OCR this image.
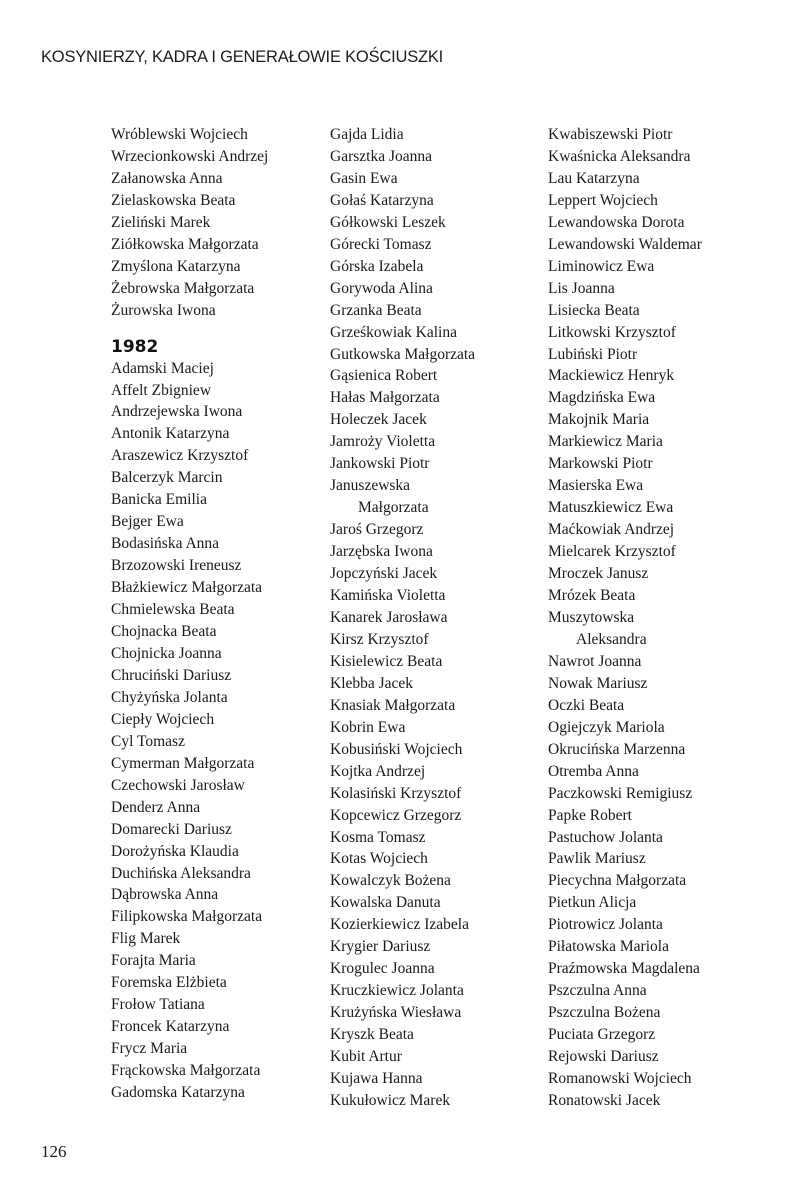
KOSYNIERZY, KADRA I GENERAŁOWIE KOŚCIUSZKI
Wróblewski Wojciech
Wrzecionkowski Andrzej
Załanowska Anna
Zielaskowska Beata
Zieliński Marek
Ziółkowska Małgorzata
Zmyślona Katarzyna
Żebrowska Małgorzata
Żurowska Iwona
1982
Adamski Maciej
Affelt Zbigniew
Andrzejewska Iwona
Antonik Katarzyna
Araszewicz Krzysztof
Balcerzyk Marcin
Banicka Emilia
Bejger Ewa
Bodasińska Anna
Brzozowski Ireneusz
Błażkiewicz Małgorzata
Chmielewska Beata
Chojnacka Beata
Chojnicka Joanna
Chruciński Dariusz
Chyżyńska Jolanta
Ciepły Wojciech
Cyl Tomasz
Cymerman Małgorzata
Czechowski Jarosław
Denderz Anna
Domarecki Dariusz
Dorożyńska Klaudia
Duchińska Aleksandra
Dąbrowska Anna
Filipkowska Małgorzata
Flig Marek
Forajta Maria
Foremska Elżbieta
Frołow Tatiana
Froncek Katarzyna
Frycz Maria
Frąckowska Małgorzata
Gadomska Katarzyna
Gajda Lidia
Garsztka Joanna
Gasin Ewa
Gołaś Katarzyna
Gółkowski Leszek
Górecki Tomasz
Górska Izabela
Gorywoda Alina
Grzanka Beata
Grześkowiak Kalina
Gutkowska Małgorzata
Gąsienica Robert
Hałas Małgorzata
Holeczek Jacek
Jamroży Violetta
Jankowski Piotr
Januszewska
Małgorzata
Jaroś Grzegorz
Jarzębska Iwona
Jopczyński Jacek
Kamińska Violetta
Kanarek Jarosława
Kirsz Krzysztof
Kisielewicz Beata
Klebba Jacek
Knasiak Małgorzata
Kobrin Ewa
Kobusiński Wojciech
Kojtka Andrzej
Kolasiński Krzysztof
Kopcewicz Grzegorz
Kosma Tomasz
Kotas Wojciech
Kowalczyk Bożena
Kowalska Danuta
Kozierkiewicz Izabela
Krygier Dariusz
Krogulec Joanna
Kruczkiewicz Jolanta
Krużyńska Wiesława
Kryszk Beata
Kubit Artur
Kujawa Hanna
Kukułowicz Marek
Kwabiszewski Piotr
Kwaśnicka Aleksandra
Lau Katarzyna
Leppert Wojciech
Lewandowska Dorota
Lewandowski Waldemar
Liminowicz Ewa
Lis Joanna
Lisiecka Beata
Litkowski Krzysztof
Lubiński Piotr
Mackiewicz Henryk
Magdzińska Ewa
Makojnik Maria
Markiewicz Maria
Markowski Piotr
Masierska Ewa
Matuszkiewicz Ewa
Maćkowiak Andrzej
Mielcarek Krzysztof
Mroczek Janusz
Mrózek Beata
Muszytowska
Aleksandra
Nawrot Joanna
Nowak Mariusz
Oczki Beata
Ogiejczyk Mariola
Okrucińska Marzenna
Otremba Anna
Paczkowski Remigiusz
Papke Robert
Pastuchow Jolanta
Pawlik Mariusz
Piecychna Małgorzata
Pietkun Alicja
Piotrowicz Jolanta
Piłatowska Mariola
Praźmowska Magdalena
Pszczulna Anna
Pszczulna Bożena
Puciata Grzegorz
Rejowski Dariusz
Romanowski Wojciech
Ronatowski Jacek
126
